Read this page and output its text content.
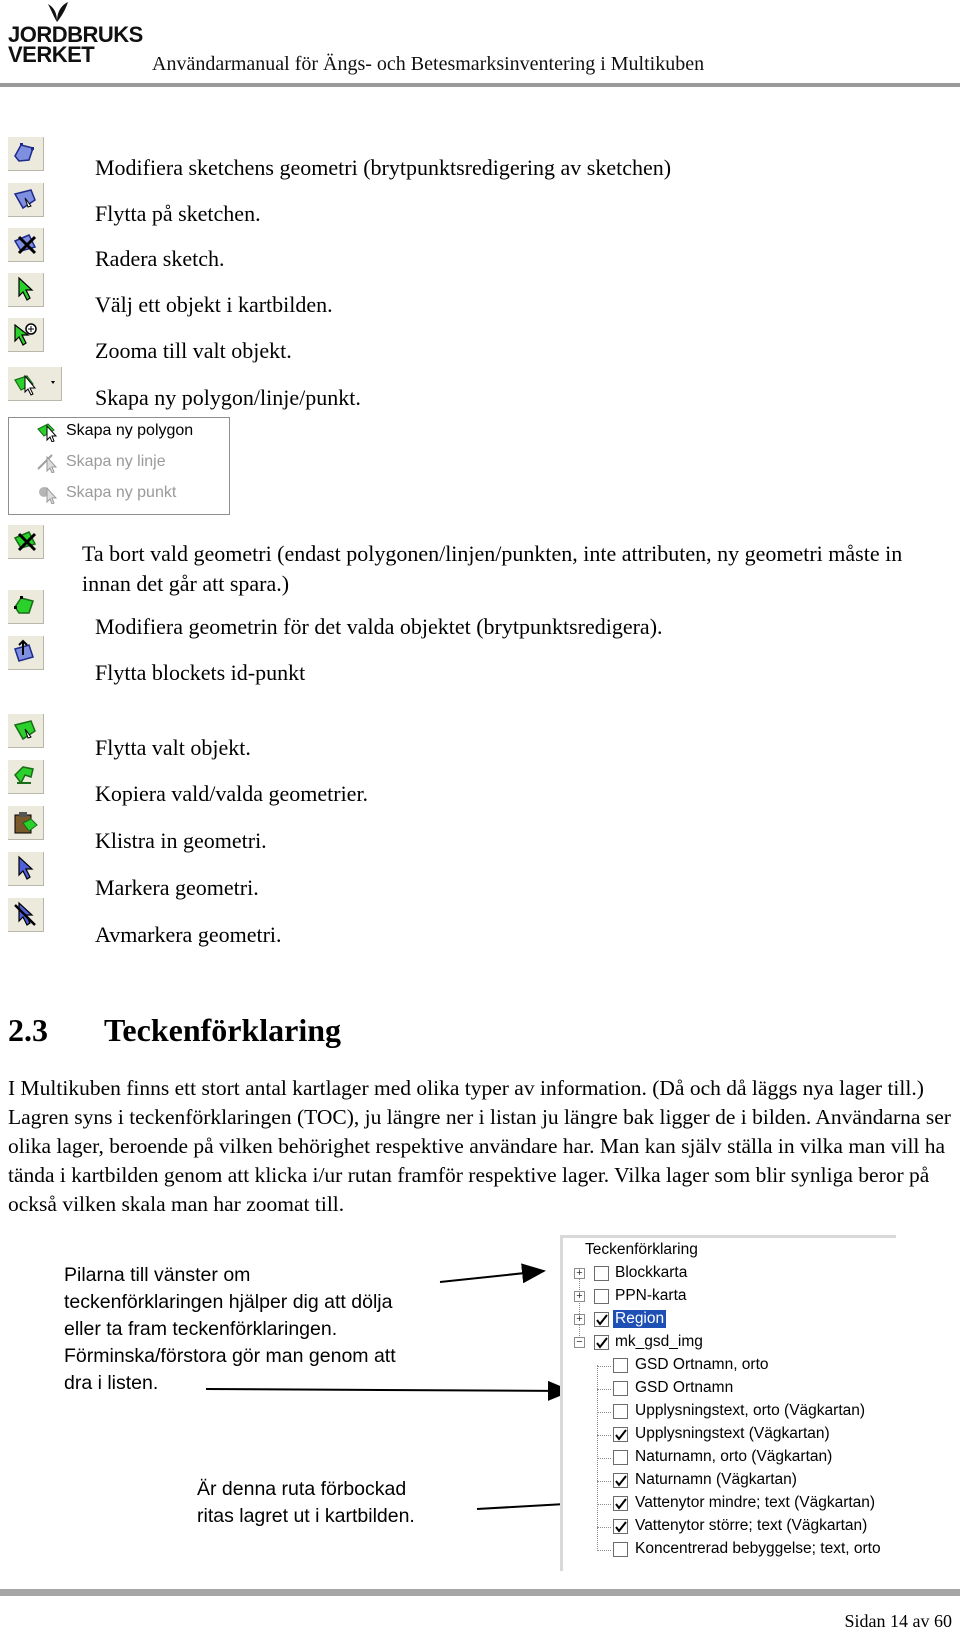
JORDBRUKS
VERKET	Användarmanual för Ängs- och Betesmarksinventering i Multikuben
Modifiera sketchens geometri (brytpunktsredigering av sketchen)
Flytta på sketchen.
Radera sketch.
Välj ett objekt i kartbilden.
Zooma till valt objekt.
Skapa ny polygon/linje/punkt.
Skapa ny polygon
Skapa ny linje
Skapa ny punkt
Ta bort vald geometri (endast polygonen/linjen/punkten, inte attributen, ny geometri måste in innan det går att spara.)
Modifiera geometrin för det valda objektet (brytpunktsredigera).
Flytta blockets id-punkt
Flytta valt objekt.
Kopiera vald/valda geometrier.
Klistra in geometri.
Markera geometri.
Avmarkera geometri.
2.3 Teckenförklaring
I Multikuben finns ett stort antal kartlager med olika typer av information. (Då och då läggs nya lager till.) Lagren syns i teckenförklaringen (TOC), ju längre ner i listan ju längre bak ligger de i bilden. Användarna ser olika lager, beroende på vilken behörighet respektive användare har. Man kan själv ställa in vilka man vill ha tända i kartbilden genom att klicka i/ur rutan framför respektive lager. Vilka lager som blir synliga beror på också vilken skala man har zoomat till.
Pilarna till vänster om
teckenförklaringen hjälper dig att dölja
eller ta fram teckenförklaringen.
Förminska/förstora gör man genom att
dra i listen.
Är denna ruta förbockad
ritas lagret ut i kartbilden.
Teckenförklaring
+ Blockkarta
+ PPN-karta
+ Region
− mk_gsd_img
GSD Ortnamn, orto
GSD Ortnamn
Upplysningstext, orto (Vägkartan)
Upplysningstext (Vägkartan)
Naturnamn, orto (Vägkartan)
Naturnamn (Vägkartan)
Vattenytor mindre; text (Vägkartan)
Vattenytor större; text (Vägkartan)
Koncentrerad bebyggelse; text, orto
Sidan 14 av 60
